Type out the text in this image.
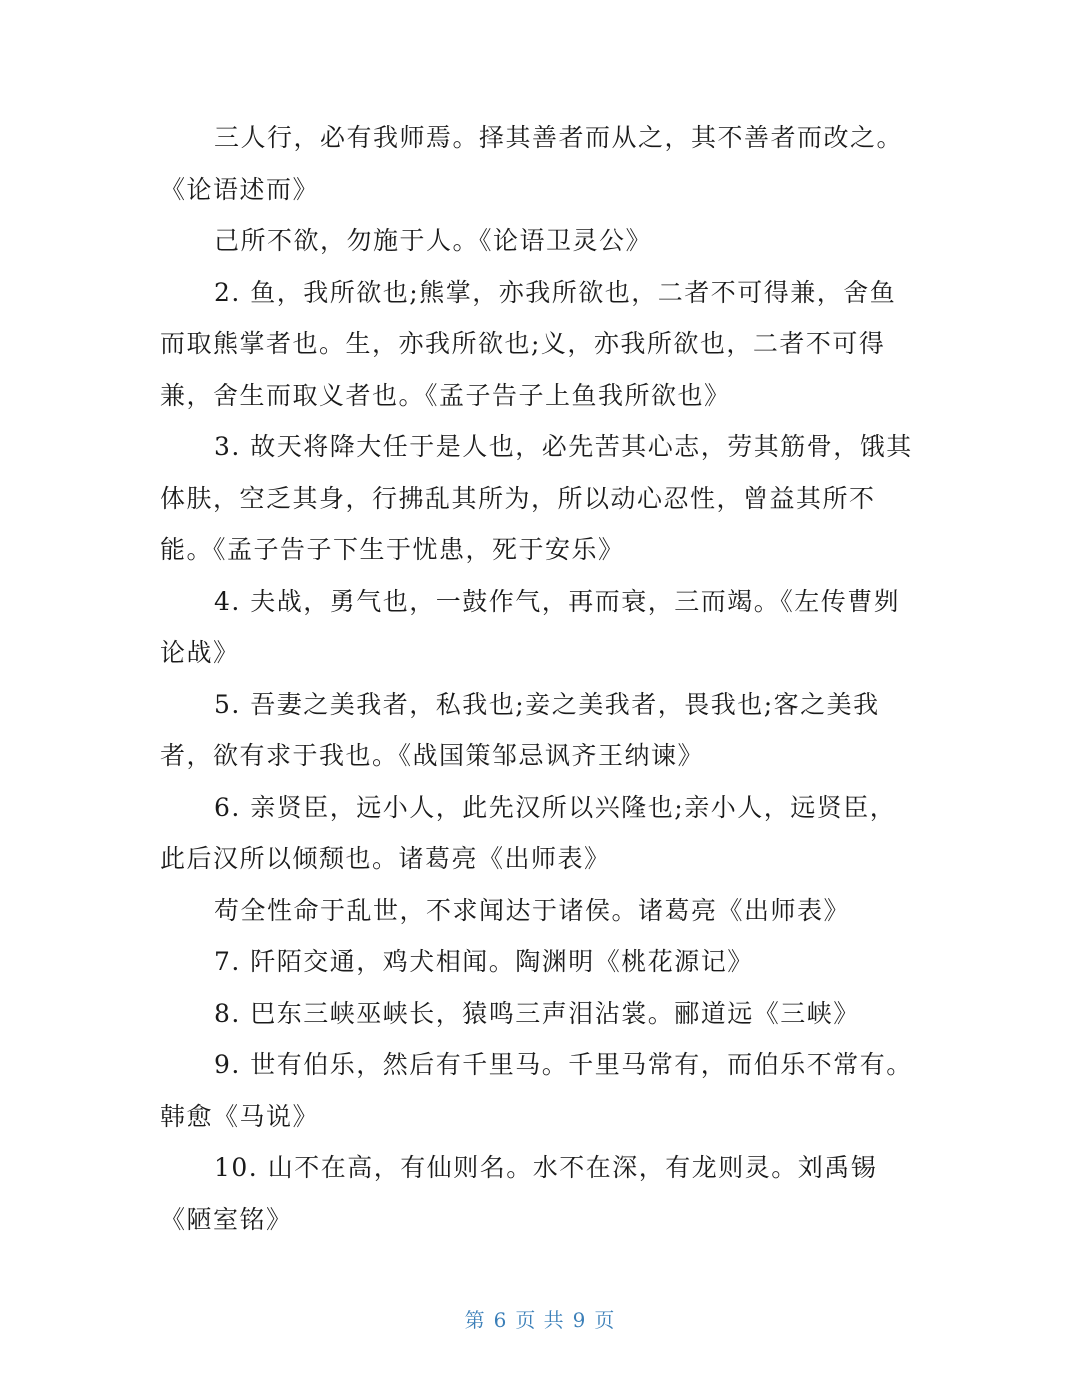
三人行，必有我师焉。择其善者而从之，其不善者而改之。《论语述而》

己所不欲，勿施于人。《论语卫灵公》

2. 鱼，我所欲也;熊掌，亦我所欲也，二者不可得兼，舍鱼而取熊掌者也。生，亦我所欲也;义，亦我所欲也，二者不可得兼，舍生而取义者也。《孟子告子上鱼我所欲也》

3. 故天将降大任于是人也，必先苦其心志，劳其筋骨，饿其体肤，空乏其身，行拂乱其所为，所以动心忍性，曾益其所不能。《孟子告子下生于忧患，死于安乐》

4. 夫战，勇气也，一鼓作气，再而衰，三而竭。《左传曹刿论战》

5. 吾妻之美我者，私我也;妾之美我者，畏我也;客之美我者，欲有求于我也。《战国策邹忌讽齐王纳谏》

6. 亲贤臣，远小人，此先汉所以兴隆也;亲小人，远贤臣，此后汉所以倾颓也。诸葛亮《出师表》

苟全性命于乱世，不求闻达于诸侯。诸葛亮《出师表》

7. 阡陌交通，鸡犬相闻。陶渊明《桃花源记》

8. 巴东三峡巫峡长，猿鸣三声泪沾裳。郦道远《三峡》

9. 世有伯乐，然后有千里马。千里马常有，而伯乐不常有。韩愈《马说》

10. 山不在高，有仙则名。水不在深，有龙则灵。刘禹锡《陋室铭》

第 6 页 共 9 页
